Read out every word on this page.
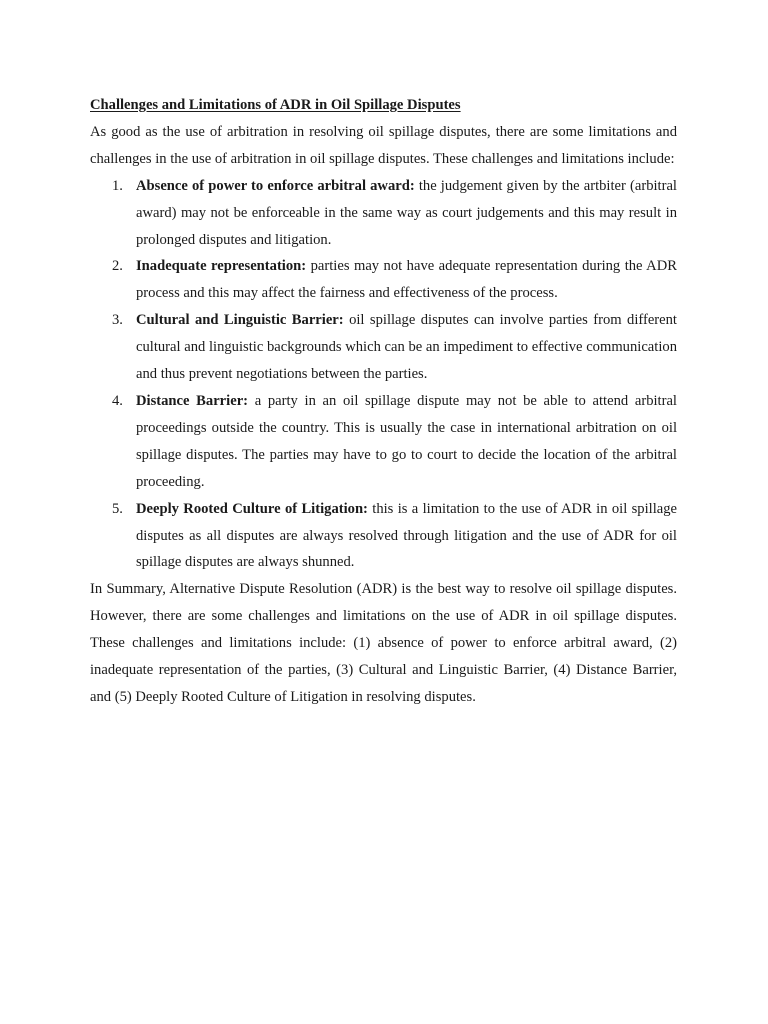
Challenges and Limitations of ADR in Oil Spillage Disputes

As good as the use of arbitration in resolving oil spillage disputes, there are some limitations and challenges in the use of arbitration in oil spillage disputes. These challenges and limitations include:

1. Absence of power to enforce arbitral award: the judgement given by the artbiter (arbitral award) may not be enforceable in the same way as court judgements and this may result in prolonged disputes and litigation.
2. Inadequate representation: parties may not have adequate representation during the ADR process and this may affect the fairness and effectiveness of the process.
3. Cultural and Linguistic Barrier: oil spillage disputes can involve parties from different cultural and linguistic backgrounds which can be an impediment to effective communication and thus prevent negotiations between the parties.
4. Distance Barrier: a party in an oil spillage dispute may not be able to attend arbitral proceedings outside the country. This is usually the case in international arbitration on oil spillage disputes. The parties may have to go to court to decide the location of the arbitral proceeding.
5. Deeply Rooted Culture of Litigation: this is a limitation to the use of ADR in oil spillage disputes as all disputes are always resolved through litigation and the use of ADR for oil spillage disputes are always shunned.

In Summary, Alternative Dispute Resolution (ADR) is the best way to resolve oil spillage disputes. However, there are some challenges and limitations on the use of ADR in oil spillage disputes. These challenges and limitations include: (1) absence of power to enforce arbitral award, (2) inadequate representation of the parties, (3) Cultural and Linguistic Barrier, (4) Distance Barrier, and (5) Deeply Rooted Culture of Litigation in resolving disputes.
